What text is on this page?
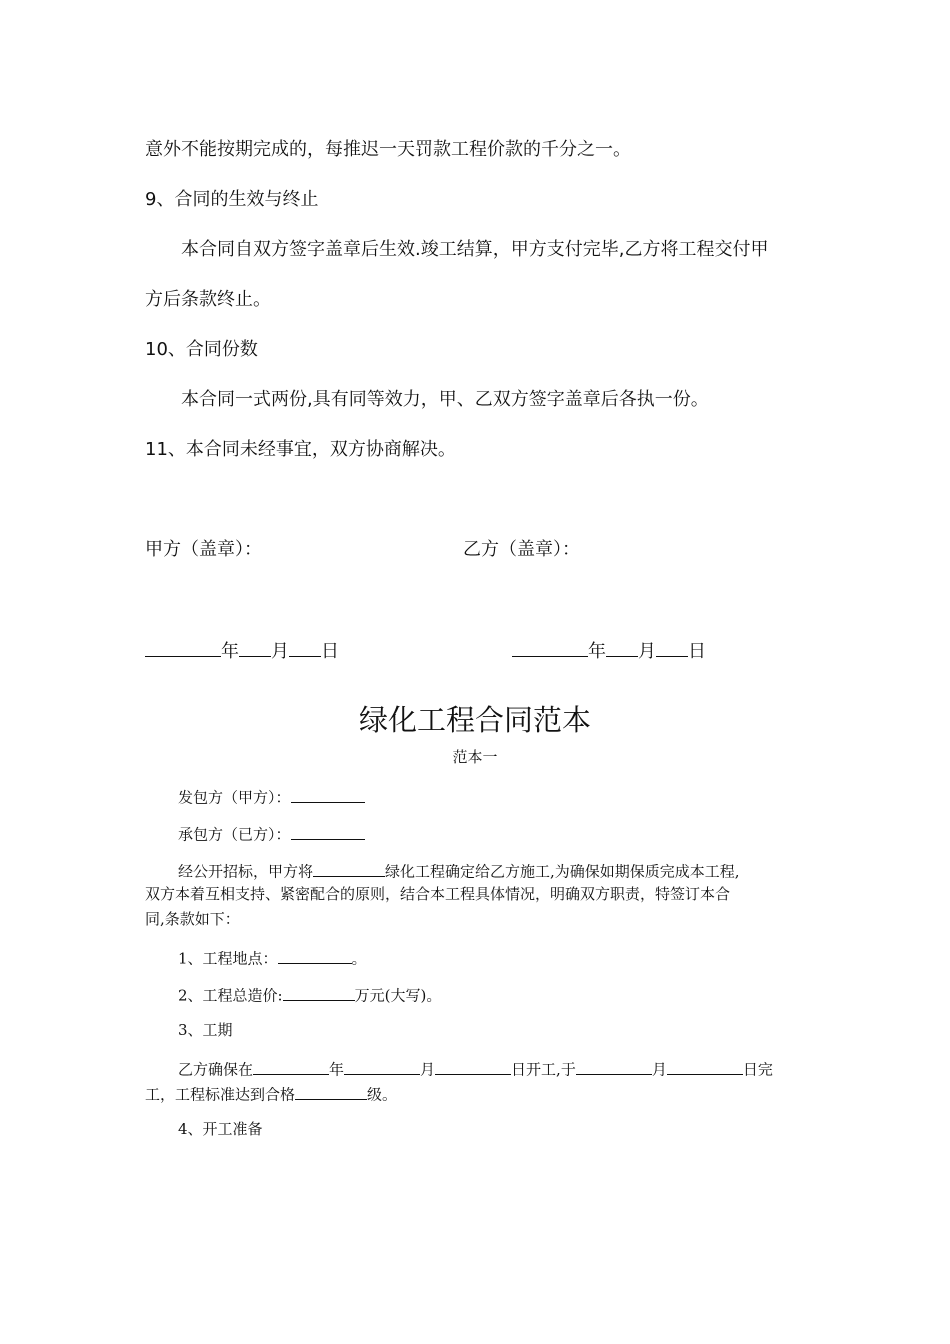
意外不能按期完成的，每推迟一天罚款工程价款的千分之一。
9、合同的生效与终止
本合同自双方签字盖章后生效.竣工结算，甲方支付完毕,乙方将工程交付甲
方后条款终止。
10、合同份数
本合同一式两份,具有同等效力，甲、乙双方签字盖章后各执一份。
11、本合同未经事宜，双方协商解决。
甲方（盖章）：	乙方（盖章）：
年 月 日	年 月 日
绿化工程合同范本
范本一
发包方（甲方）：
承包方（已方）：
经公开招标，甲方将	绿化工程确定给乙方施工,为确保如期保质完成本工程,
双方本着互相支持、紧密配合的原则，结合本工程具体情况，明确双方职责，特签订本合
同,条款如下：
1、工程地点：	。
2、工程总造价:	万元(大写)。
3、工期
乙方确保在	年	月	日开工,于	月	日完
工，工程标准达到合格	级。
4、开工准备
